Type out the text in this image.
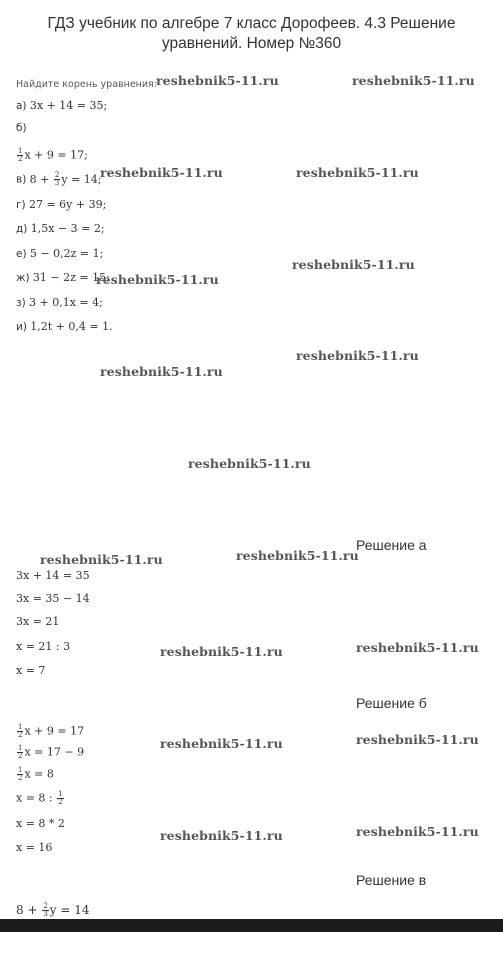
ГДЗ учебник по алгебре 7 класс Дорофеев. 4.3 Решение уравнений. Номер №360
Найдите корень уравнения:
а) 3x + 14 = 35;
б)
$\frac{1}{2}$ x + 9 = 17;
в) $8 + \frac{2}{3}$ y = 14;
г) 27 = 6y + 39;
д) 1,5x − 3 = 2;
е) 5 − 0,2z = 1;
ж) 31 − 2z = 15;
з) 3 + 0,1x = 4;
и) 1,2t + 0,4 = 1.
reshebnik5-11.ru	reshebnik5-11.ru
reshebnik5-11.ru	reshebnik5-11.ru
reshebnik5-11.ru
reshebnik5-11.ru
reshebnik5-11.ru
reshebnik5-11.ru
reshebnik5-11.ru
reshebnik5-11.ru	reshebnik5-11.ru
reshebnik5-11.ru	reshebnik5-11.ru
reshebnik5-11.ru	reshebnik5-11.ru
reshebnik5-11.ru	reshebnik5-11.ru
Решение а
3x + 14 = 35
3x = 35 − 14
3x = 21
x = 21 : 3
x = 7
Решение б
$\frac{1}{2}$ x + 9 = 17
$\frac{1}{2}$ x = 17 − 9
$\frac{1}{2}$ x = 8
x = 8 : $\frac{1}{2}$
x = 8 * 2
x = 16
Решение в
$8 + \frac{2}{3}$ y = 14
